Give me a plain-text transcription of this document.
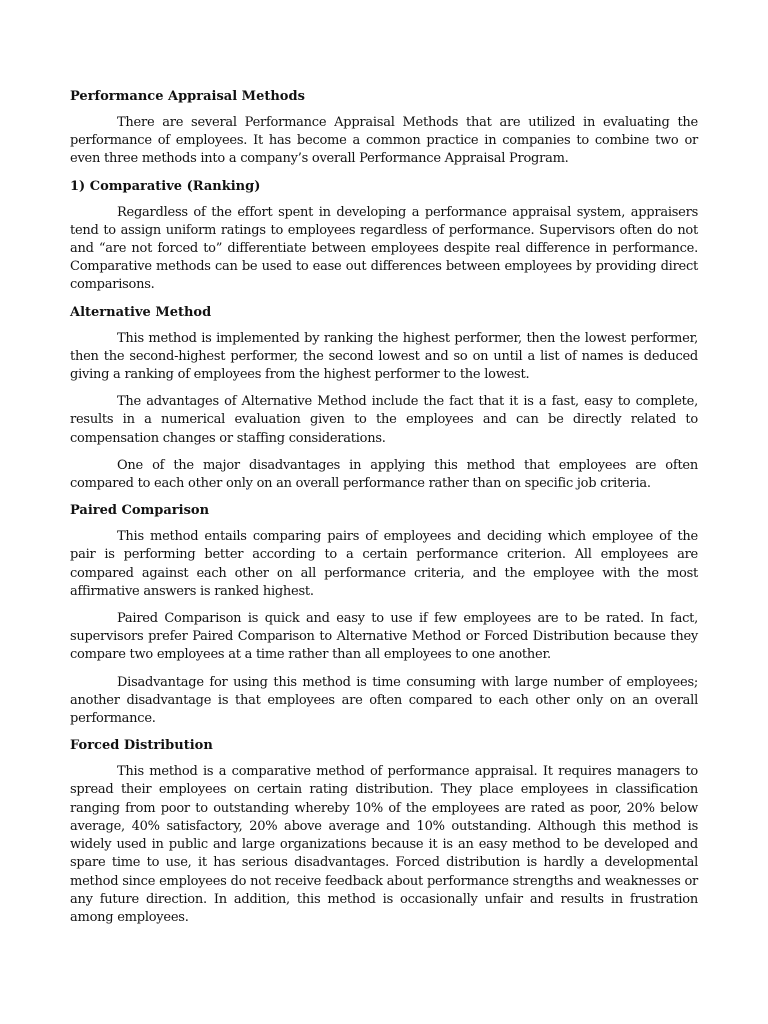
Performance Appraisal Methods

There are several Performance Appraisal Methods that are utilized in evaluating the performance of employees. It has become a common practice in companies to combine two or even three methods into a company’s overall Performance Appraisal Program.

1) Comparative (Ranking)

Regardless of the effort spent in developing a performance appraisal system, appraisers tend to assign uniform ratings to employees regardless of performance. Supervisors often do not and “are not forced to” differentiate between employees despite real difference in performance. Comparative methods can be used to ease out differences between employees by providing direct comparisons.

Alternative Method

This method is implemented by ranking the highest performer, then the lowest performer, then the second-highest performer, the second lowest and so on until a list of names is deduced giving a ranking of employees from the highest performer to the lowest.

The advantages of Alternative Method include the fact that it is a fast, easy to complete, results in a numerical evaluation given to the employees and can be directly related to compensation changes or staffing considerations.

One of the major disadvantages in applying this method that employees are often compared to each other only on an overall performance rather than on specific job criteria.

Paired Comparison

This method entails comparing pairs of employees and deciding which employee of the pair is performing better according to a certain performance criterion. All employees are compared against each other on all performance criteria, and the employee with the most affirmative answers is ranked highest.

Paired Comparison is quick and easy to use if few employees are to be rated. In fact, supervisors prefer Paired Comparison to Alternative Method or Forced Distribution because they compare two employees at a time rather than all employees to one another.

Disadvantage for using this method is time consuming with large number of employees; another disadvantage is that employees are often compared to each other only on an overall performance.

Forced Distribution

This method is a comparative method of performance appraisal. It requires managers to spread their employees on certain rating distribution. They place employees in classification ranging from poor to outstanding whereby 10% of the employees are rated as poor, 20% below average, 40% satisfactory, 20% above average and 10% outstanding. Although this method is widely used in public and large organizations because it is an easy method to be developed and spare time to use, it has serious disadvantages. Forced distribution is hardly a developmental method since employees do not receive feedback about performance strengths and weaknesses or any future direction. In addition, this method is occasionally unfair and results in frustration among employees.
